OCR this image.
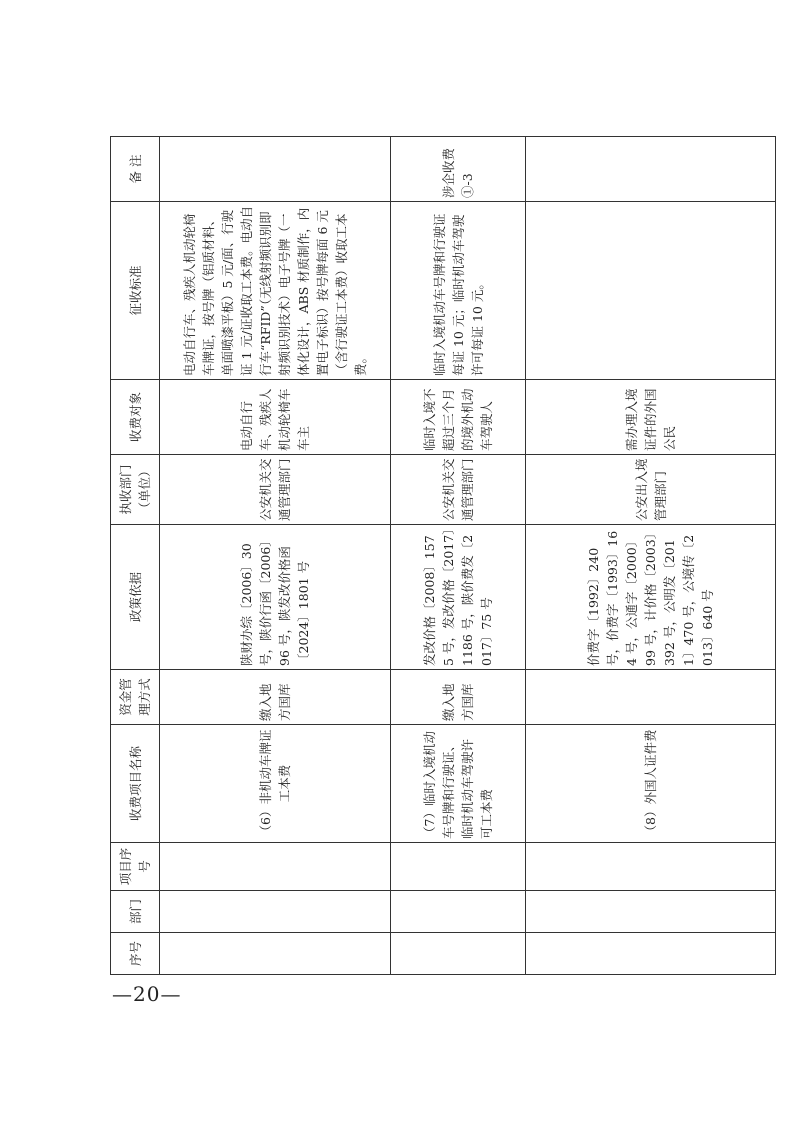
序号	部门	项目序号	收费项目名称	资金管理方式	政策依据	执收部门（单位）	收费对象	征收标准	备 注
			（6）非机动车牌证工本费	缴入地方国库	陕财办综〔2006〕30 号，陕价行函〔2006〕96 号，陕发改价格函〔2024〕1801 号	公安机关交通管理部门	电动自行车、残疾人机动轮椅车车主	电动自行车、残疾人机动轮椅车牌证，按号牌（铝质材料、单面喷漆平板）5 元/面、行驶证 1 元/证收取工本费。电动自行车“RFID”（无线射频识别即射频识别技术）电子号牌（一体化设计，ABS 材质制作，内置电子标识）按号牌每面 6 元（含行驶证工本费）收取工本费。	
			（7）临时入境机动车号牌和行驶证、临时机动车驾驶许可工本费	缴入地方国库	发改价格〔2008〕1575 号，发改价格〔2017〕1186 号，陕价费发〔2017〕75 号	公安机关交通管理部门	临时入境不超过三个月的境外机动车驾驶人	临时入境机动车号牌和行驶证每证 10 元；临时机动车驾驶许可每证 10 元。	涉企收费①-3
			（8）外国人证件费		价费字〔1992〕240 号，价费字〔1993〕164 号，公通字〔2000〕99 号，计价格〔2003〕392 号，公明发〔2011〕470 号，公境传〔2013〕640 号	公安出入境管理部门	需办理入境证件的外国公民		
—20—
